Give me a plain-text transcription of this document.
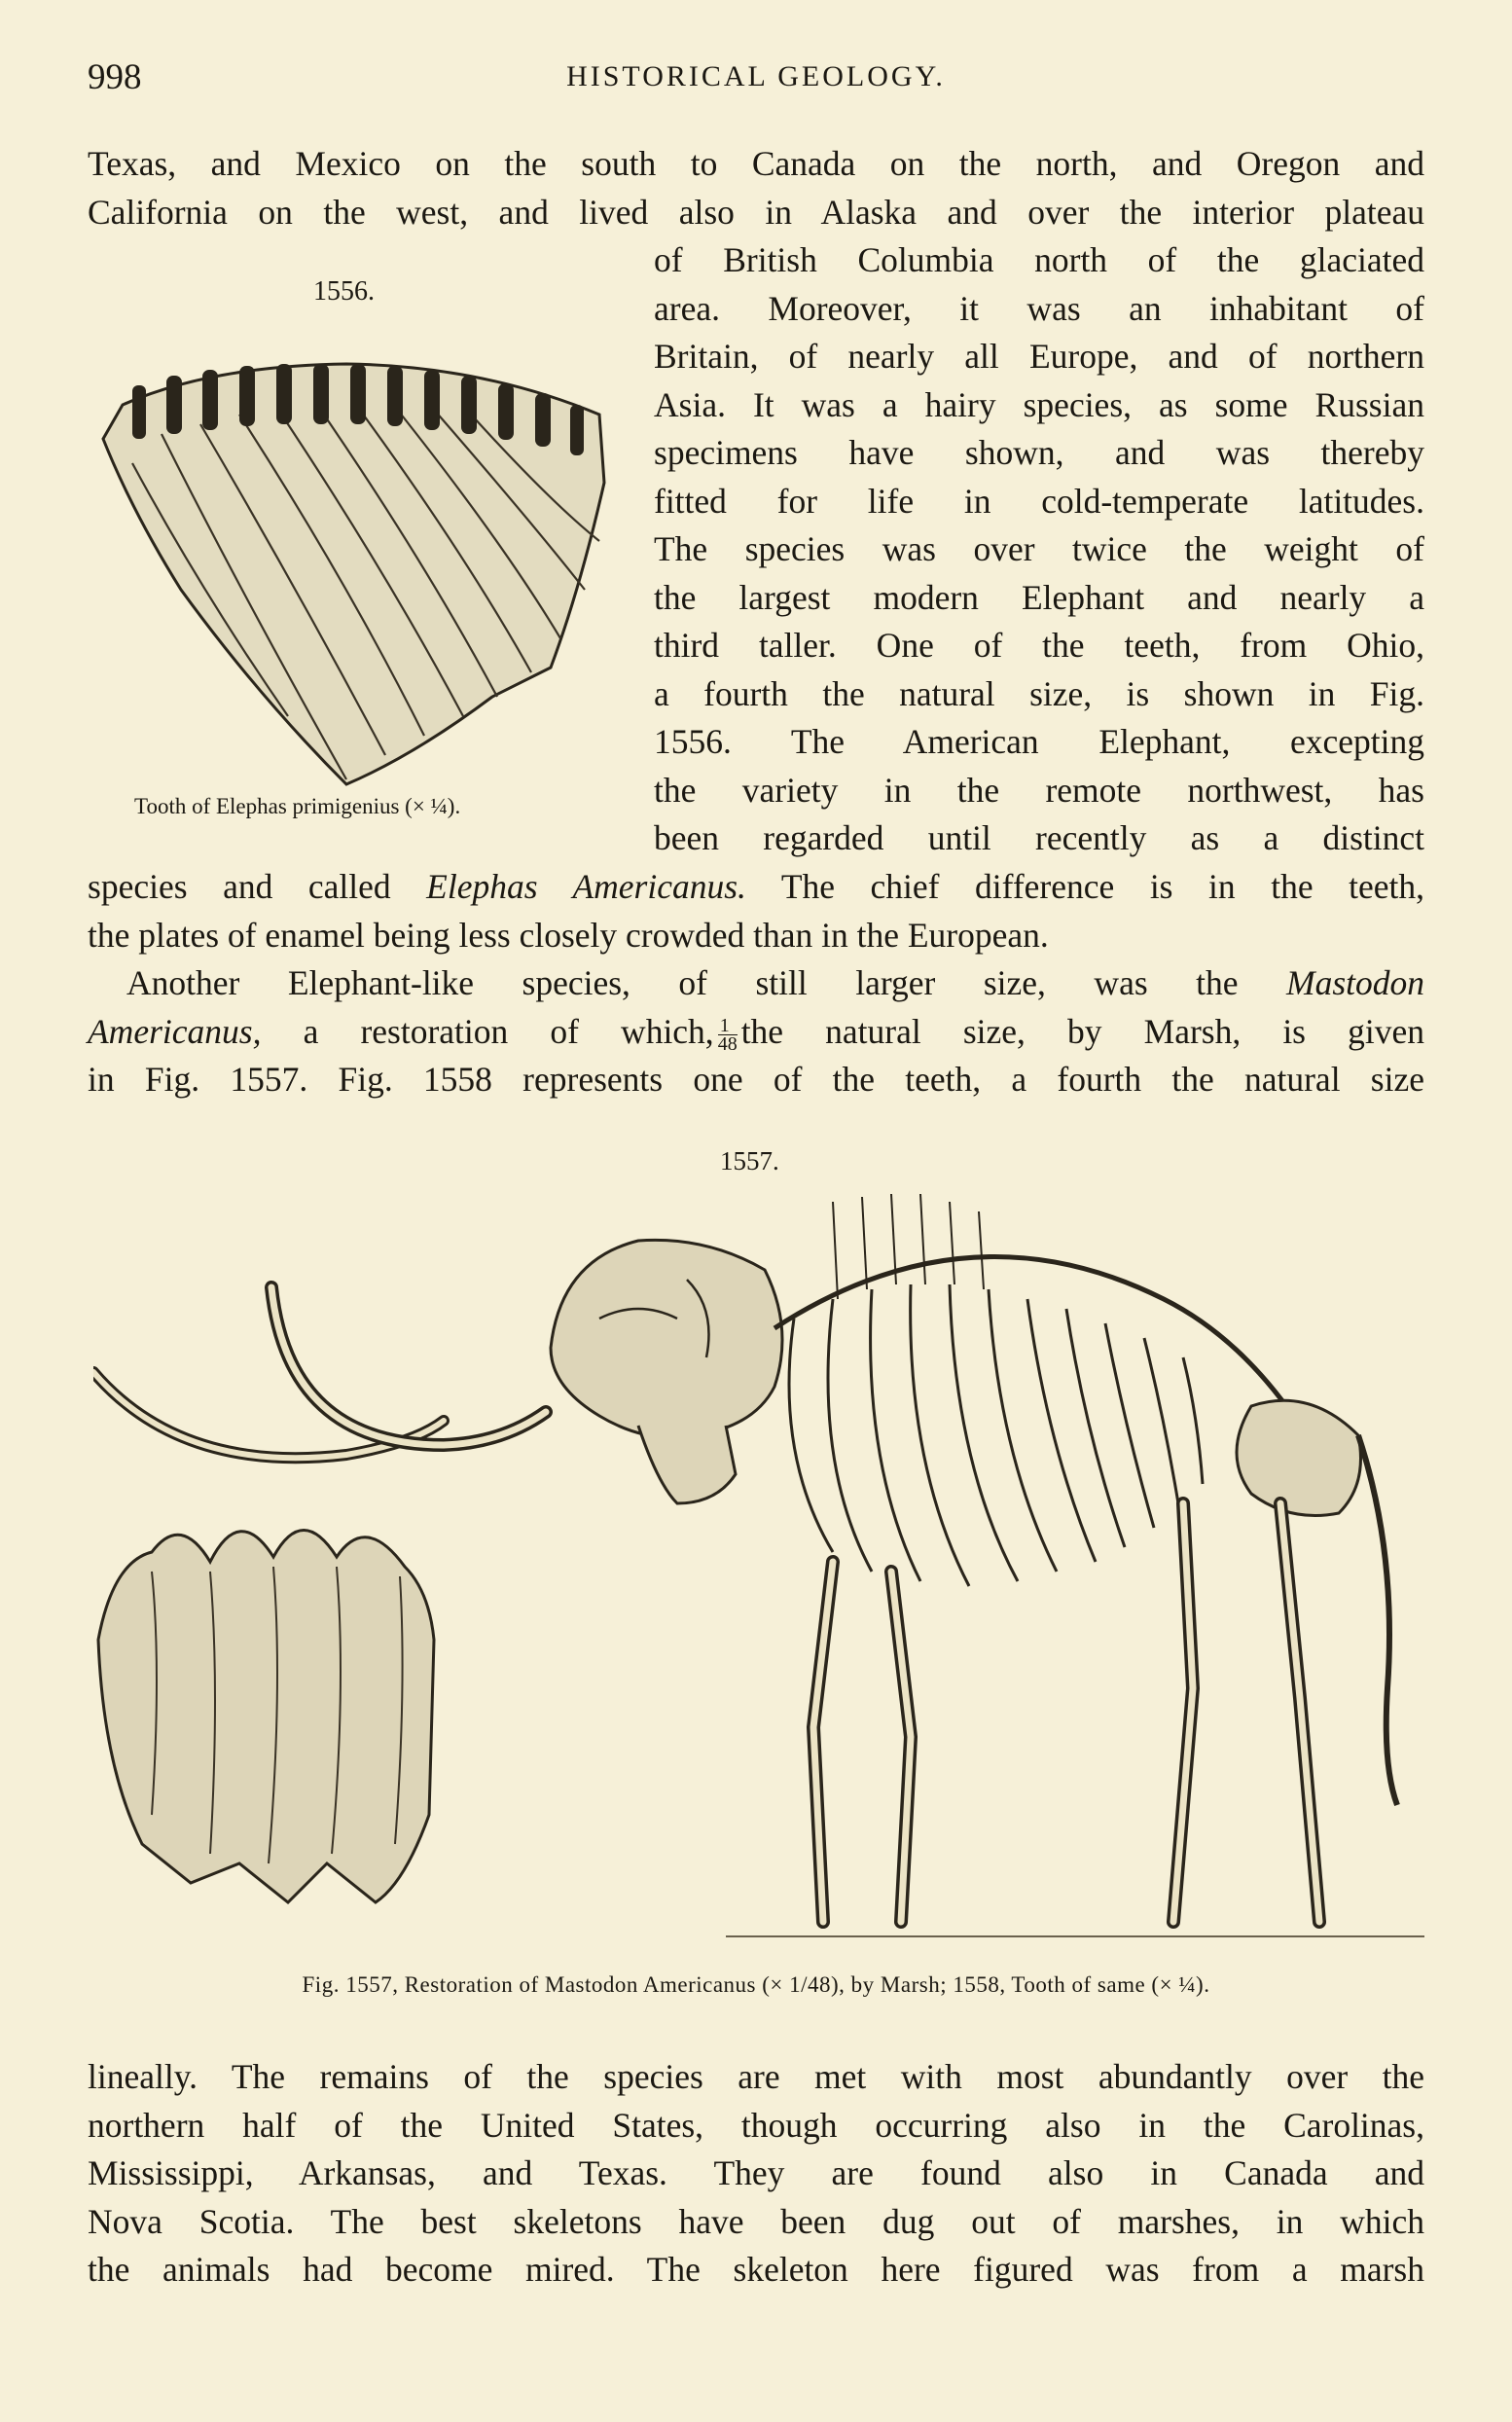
998	HISTORICAL GEOLOGY.
Texas, and Mexico on the south to Canada on the north, and Oregon and
California on the west, and lived also in Alaska and over the interior plateau
1556.
Tooth of Elephas primigenius (× ¼).
of British Columbia north of the glaciated
area. Moreover, it was an inhabitant of
Britain, of nearly all Europe, and of northern
Asia. It was a hairy species, as some Russian
specimens have shown, and was thereby
fitted for life in cold-temperate latitudes.
The species was over twice the weight of
the largest modern Elephant and nearly a
third taller. One of the teeth, from Ohio,
a fourth the natural size, is shown in Fig.
1556. The American Elephant, excepting
the variety in the remote northwest, has
been regarded until recently as a distinct
species and called Elephas Americanus. The chief difference is in the teeth,
the plates of enamel being less closely crowded than in the European.
Another Elephant-like species, of still larger size, was the Mastodon
Americanus, a restoration of which, $\frac{1}{48}$ the natural size, by Marsh, is given
in Fig. 1557. Fig. 1558 represents one of the teeth, a fourth the natural size
1557.
Fig. 1557, Restoration of Mastodon Americanus (× 1/48), by Marsh; 1558, Tooth of same (× ¼).
lineally. The remains of the species are met with most abundantly over the
northern half of the United States, though occurring also in the Carolinas,
Mississippi, Arkansas, and Texas. They are found also in Canada and
Nova Scotia. The best skeletons have been dug out of marshes, in which
the animals had become mired. The skeleton here figured was from a marsh
